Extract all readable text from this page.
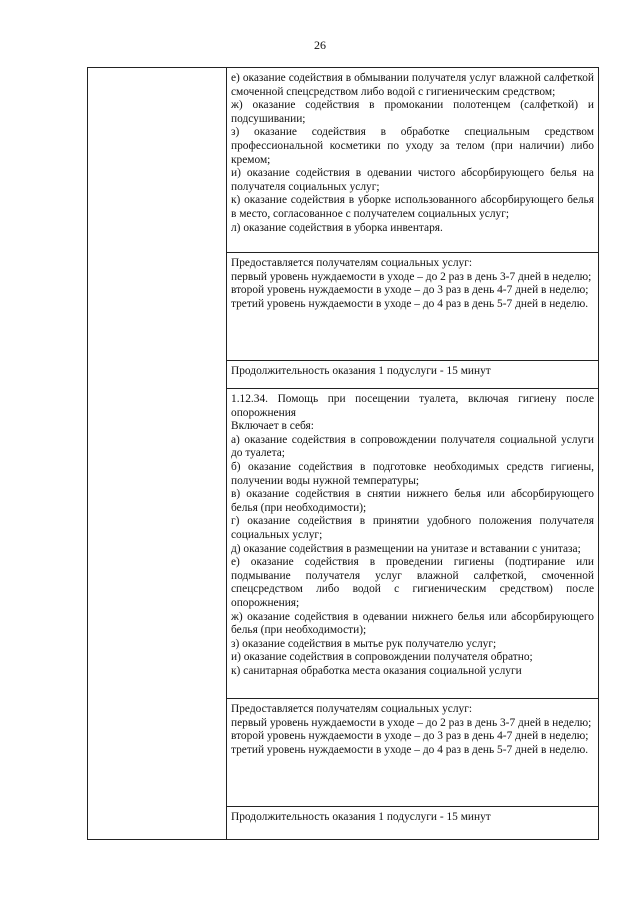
26

е) оказание содействия в обмывании получателя услуг влажной салфеткой смоченной спецсредством либо водой с гигиеническим средством;

ж) оказание содействия в промокании полотенцем (салфеткой) и подсушивании;

з) оказание содействия в обработке специальным средством профессиональной косметики по уходу за телом (при наличии) либо кремом;

и) оказание содействия в одевании чистого абсорбирующего белья на получателя социальных услуг;

к) оказание содействия в уборке использованного абсорбирующего белья в место, согласованное с получателем социальных услуг;

л) оказание содействия в уборка инвентаря.

Предоставляется получателям социальных услуг:

первый уровень нуждаемости в уходе – до 2 раз в день 3-7 дней в неделю;

второй уровень нуждаемости в уходе – до 3 раз в день 4-7 дней в неделю;

третий уровень нуждаемости в уходе – до 4 раз в день 5-7 дней в неделю.

Продолжительность оказания 1 подуслуги - 15 минут

1.12.34. Помощь при посещении туалета, включая гигиену после опорожнения

Включает в себя:

а) оказание содействия в сопровождении получателя социальной услуги до туалета;

б) оказание содействия в подготовке необходимых средств гигиены, получении воды нужной температуры;

в) оказание содействия в снятии нижнего белья или абсорбирующего белья (при необходимости);

г) оказание содействия в принятии удобного положения получателя социальных услуг;

д) оказание содействия в размещении на унитазе и вставании с унитаза;

е) оказание содействия в проведении гигиены (подтирание или подмывание получателя услуг влажной салфеткой, смоченной спецсредством либо водой с гигиеническим средством) после опорожнения;

ж) оказание содействия в одевании нижнего белья или абсорбирующего белья (при необходимости);

з) оказание содействия в мытье рук получателю услуг;

и) оказание содействия в сопровождении получателя обратно;

к) санитарная обработка места оказания социальной услуги

Предоставляется получателям социальных услуг:

первый уровень нуждаемости в уходе – до 2 раз в день 3-7 дней в неделю;

второй уровень нуждаемости в уходе – до 3 раз в день 4-7 дней в неделю;

третий уровень нуждаемости в уходе – до 4 раз в день 5-7 дней в неделю.

Продолжительность оказания 1 подуслуги - 15 минут
